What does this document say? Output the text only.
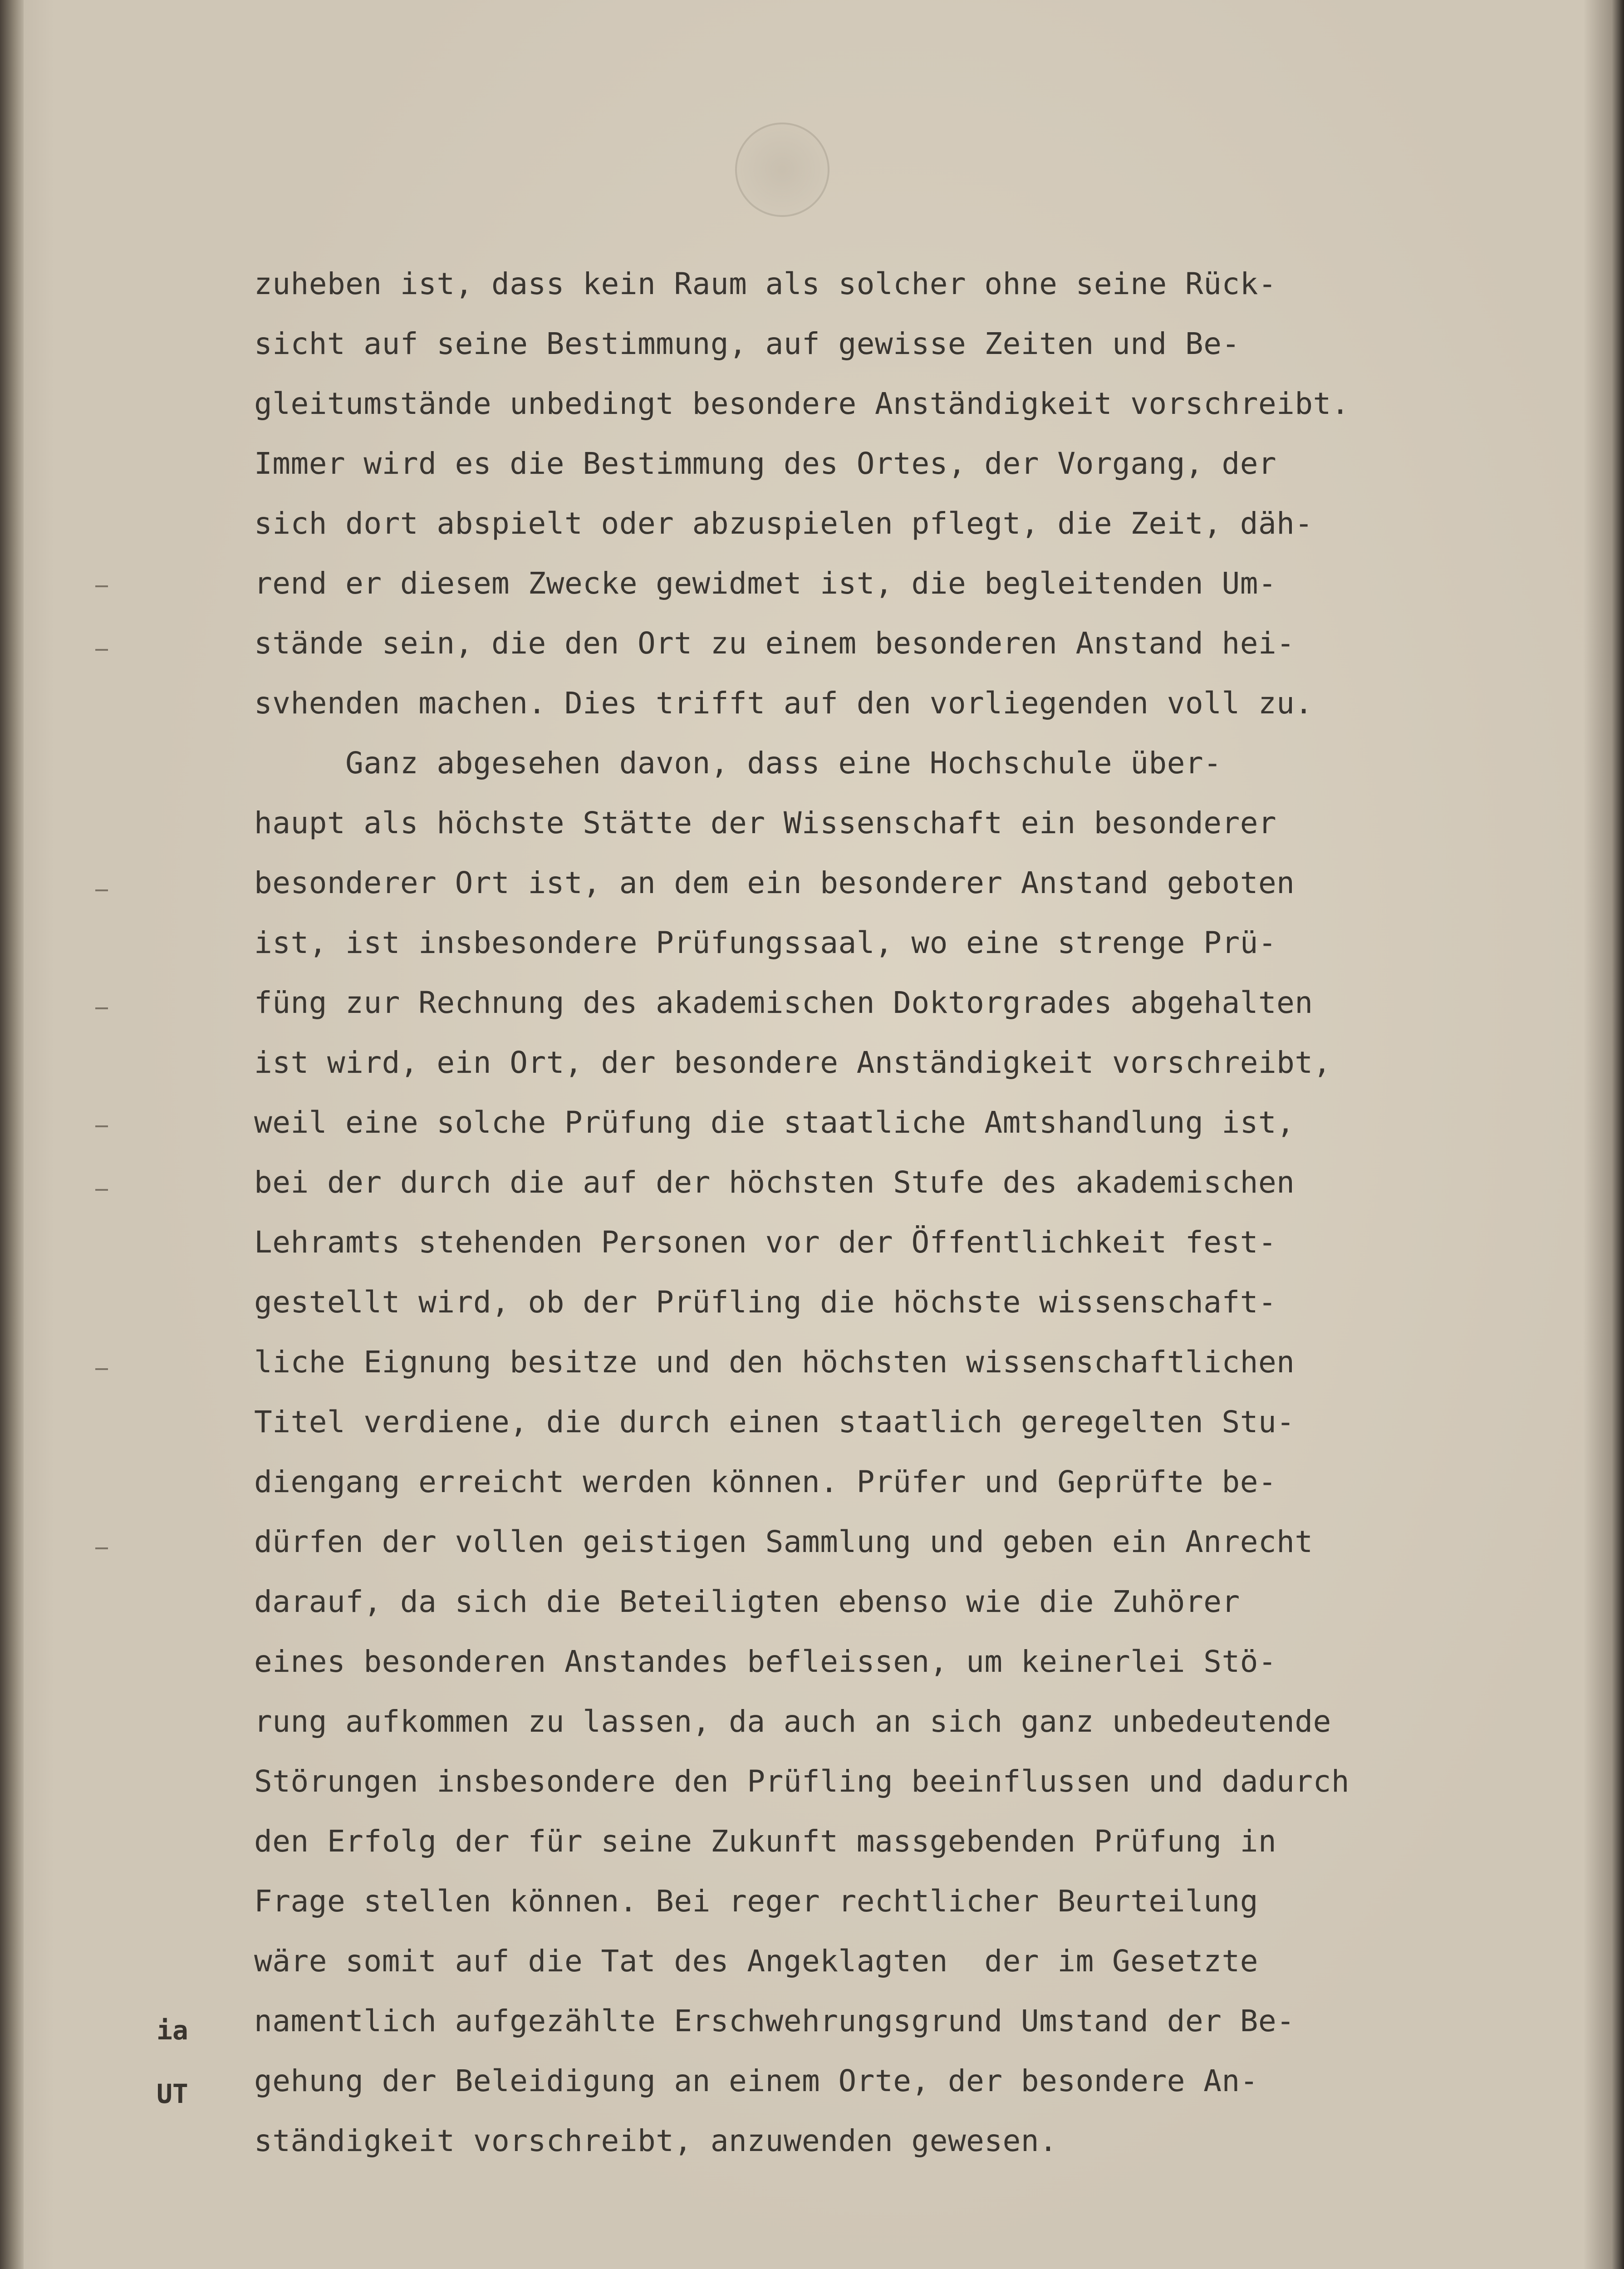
ia
UT
zuheben ist, dass kein Raum als solcher ohne seine Rück-
sicht auf seine Bestimmung, auf gewisse Zeiten und Be-
gleitumstände unbedingt besondere Anständigkeit vorschreibt.
Immer wird es die Bestimmung des Ortes, der Vorgang, der
sich dort abspielt oder abzuspielen pflegt, die Zeit, däh-
rend er diesem Zwecke gewidmet ist, die begleitenden Um-
stände sein, die den Ort zu einem besonderen Anstand hei-
svhenden machen. Dies trifft auf den vorliegenden voll zu.
Ganz abgesehen davon, dass eine Hochschule über-
haupt als höchste Stätte der Wissenschaft ein besonderer
besonderer Ort ist, an dem ein besonderer Anstand geboten
ist, ist insbesondere Prüfungssaal, wo eine strenge Prü-
füng zur Rechnung des akademischen Doktorgrades abgehalten
ist wird, ein Ort, der besondere Anständigkeit vorschreibt,
weil eine solche Prüfung die staatliche Amtshandlung ist,
bei der durch die auf der höchsten Stufe des akademischen
Lehramts stehenden Personen vor der Öffentlichkeit fest-
gestellt wird, ob der Prüfling die höchste wissenschaft-
liche Eignung besitze und den höchsten wissenschaftlichen
Titel verdiene, die durch einen staatlich geregelten Stu-
diengang erreicht werden können. Prüfer und Geprüfte be-
dürfen der vollen geistigen Sammlung und geben ein Anrecht
darauf, da sich die Beteiligten ebenso wie die Zuhörer
eines besonderen Anstandes befleissen, um keinerlei Stö-
rung aufkommen zu lassen, da auch an sich ganz unbedeutende
Störungen insbesondere den Prüfling beeinflussen und dadurch
den Erfolg der für seine Zukunft massgebenden Prüfung in
Frage stellen können. Bei reger rechtlicher Beurteilung
wäre somit auf die Tat des Angeklagten  der im Gesetzte
namentlich aufgezählte Erschwehrungsgrund Umstand der Be-
gehung der Beleidigung an einem Orte, der besondere An-
ständigkeit vorschreibt, anzuwenden gewesen.
